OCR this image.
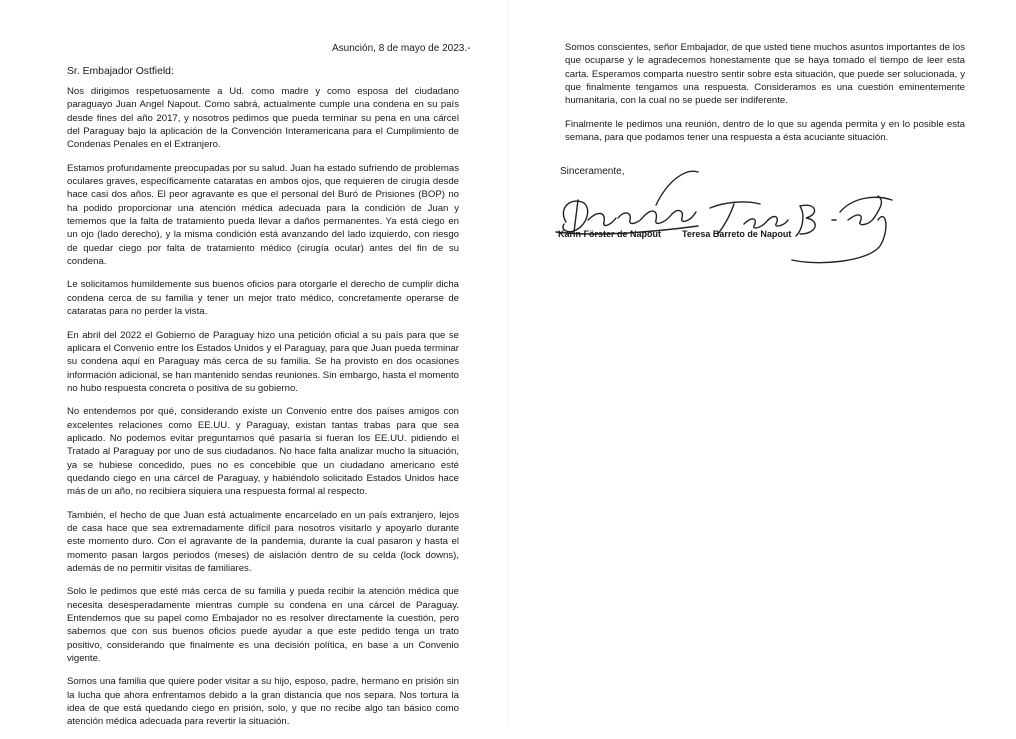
Asunción, 8 de mayo de 2023.-
Sr. Embajador Ostfield:

Nos dirigimos respetuosamente a Ud. como madre y como esposa del ciudadano paraguayo Juan Angel Napout. Como sabrá, actualmente cumple una condena en su país desde fines del año 2017, y nosotros pedimos que pueda terminar su pena en una cárcel del Paraguay bajo la aplicación de la Convención Interamericana para el Cumplimiento de Condenas Penales en el Extranjero.

Estamos profundamente preocupadas por su salud. Juan ha estado sufriendo de problemas oculares graves, específicamente cataratas en ambos ojos, que requieren de cirugía desde hace casi dos años. El peor agravante es que el personal del Buró de Prisiones (BOP) no ha podido proporcionar una atención médica adecuada para la condición de Juan y tememos que la falta de tratamiento pueda llevar a daños permanentes. Ya está ciego en un ojo (lado derecho), y la misma condición está avanzando del lado izquierdo, con riesgo de quedar ciego por falta de tratamiento médico (cirugía ocular) antes del fin de su condena.

Le solicitamos humildemente sus buenos oficios para otorgarle el derecho de cumplir dicha condena cerca de su familia y tener un mejor trato médico, concretamente operarse de cataratas para no perder la vista.

En abril del 2022 el Gobierno de Paraguay hizo una petición oficial a su país para que se aplicara el Convenio entre los Estados Unidos y el Paraguay, para que Juan pueda terminar su condena aquí en Paraguay más cerca de su familia. Se ha provisto en dos ocasiones información adicional, se han mantenido sendas reuniones. Sin embargo, hasta el momento no hubo respuesta concreta o positiva de su gobierno.

No entendemos por qué, considerando existe un Convenio entre dos países amigos con excelentes relaciones como EE.UU. y Paraguay, existan tantas trabas para que sea aplicado. No podemos evitar preguntarnos qué pasaría si fueran los EE.UU. pidiendo el Tratado al Paraguay por uno de sus ciudadanos. No hace falta analizar mucho la situación, ya se hubiese concedido, pues no es concebible que un ciudadano americano esté quedando ciego en una cárcel de Paraguay, y habiéndolo solicitado Estados Unidos hace más de un año, no recibiera siquiera una respuesta formal al respecto.

También, el hecho de que Juan está actualmente encarcelado en un país extranjero, lejos de casa hace que sea extremadamente difícil para nosotros visitarlo y apoyarlo durante este momento duro. Con el agravante de la pandemia, durante la cual pasaron y hasta el momento pasan largos periodos (meses) de aislación dentro de su celda (lock downs), además de no permitir visitas de familiares.

Solo le pedimos que esté más cerca de su familia y pueda recibir la atención médica que necesita desesperadamente mientras cumple su condena en una cárcel de Paraguay. Entendemos que su papel como Embajador no es resolver directamente la cuestión, pero sabemos que con sus buenos oficios puede ayudar a que este pedido tenga un trato positivo, considerando que finalmente es una decisión política, en base a un Convenio vigente.

Somos una familia que quiere poder visitar a su hijo, esposo, padre, hermano en prisión sin la lucha que ahora enfrentamos debido a la gran distancia que nos separa. Nos tortura la idea de que está quedando ciego en prisión, solo, y que no recibe algo tan básico como atención médica adecuada para revertir la situación.

Somos conscientes, señor Embajador, de que usted tiene muchos asuntos importantes de los que ocuparse y le agradecemos honestamente que se haya tomado el tiempo de leer esta carta. Esperamos comparta nuestro sentir sobre esta situación, que puede ser solucionada, y que finalmente tengamos una respuesta. Consideramos es una cuestión eminentemente humanitaria, con la cual no se puede ser indiferente.

Finalmente le pedimos una reunión, dentro de lo que su agenda permita y en lo posible esta semana, para que podamos tener una respuesta a ésta acuciante situación.

Sinceramente,
Karin Förster de Napout Teresa Barreto de Napout
